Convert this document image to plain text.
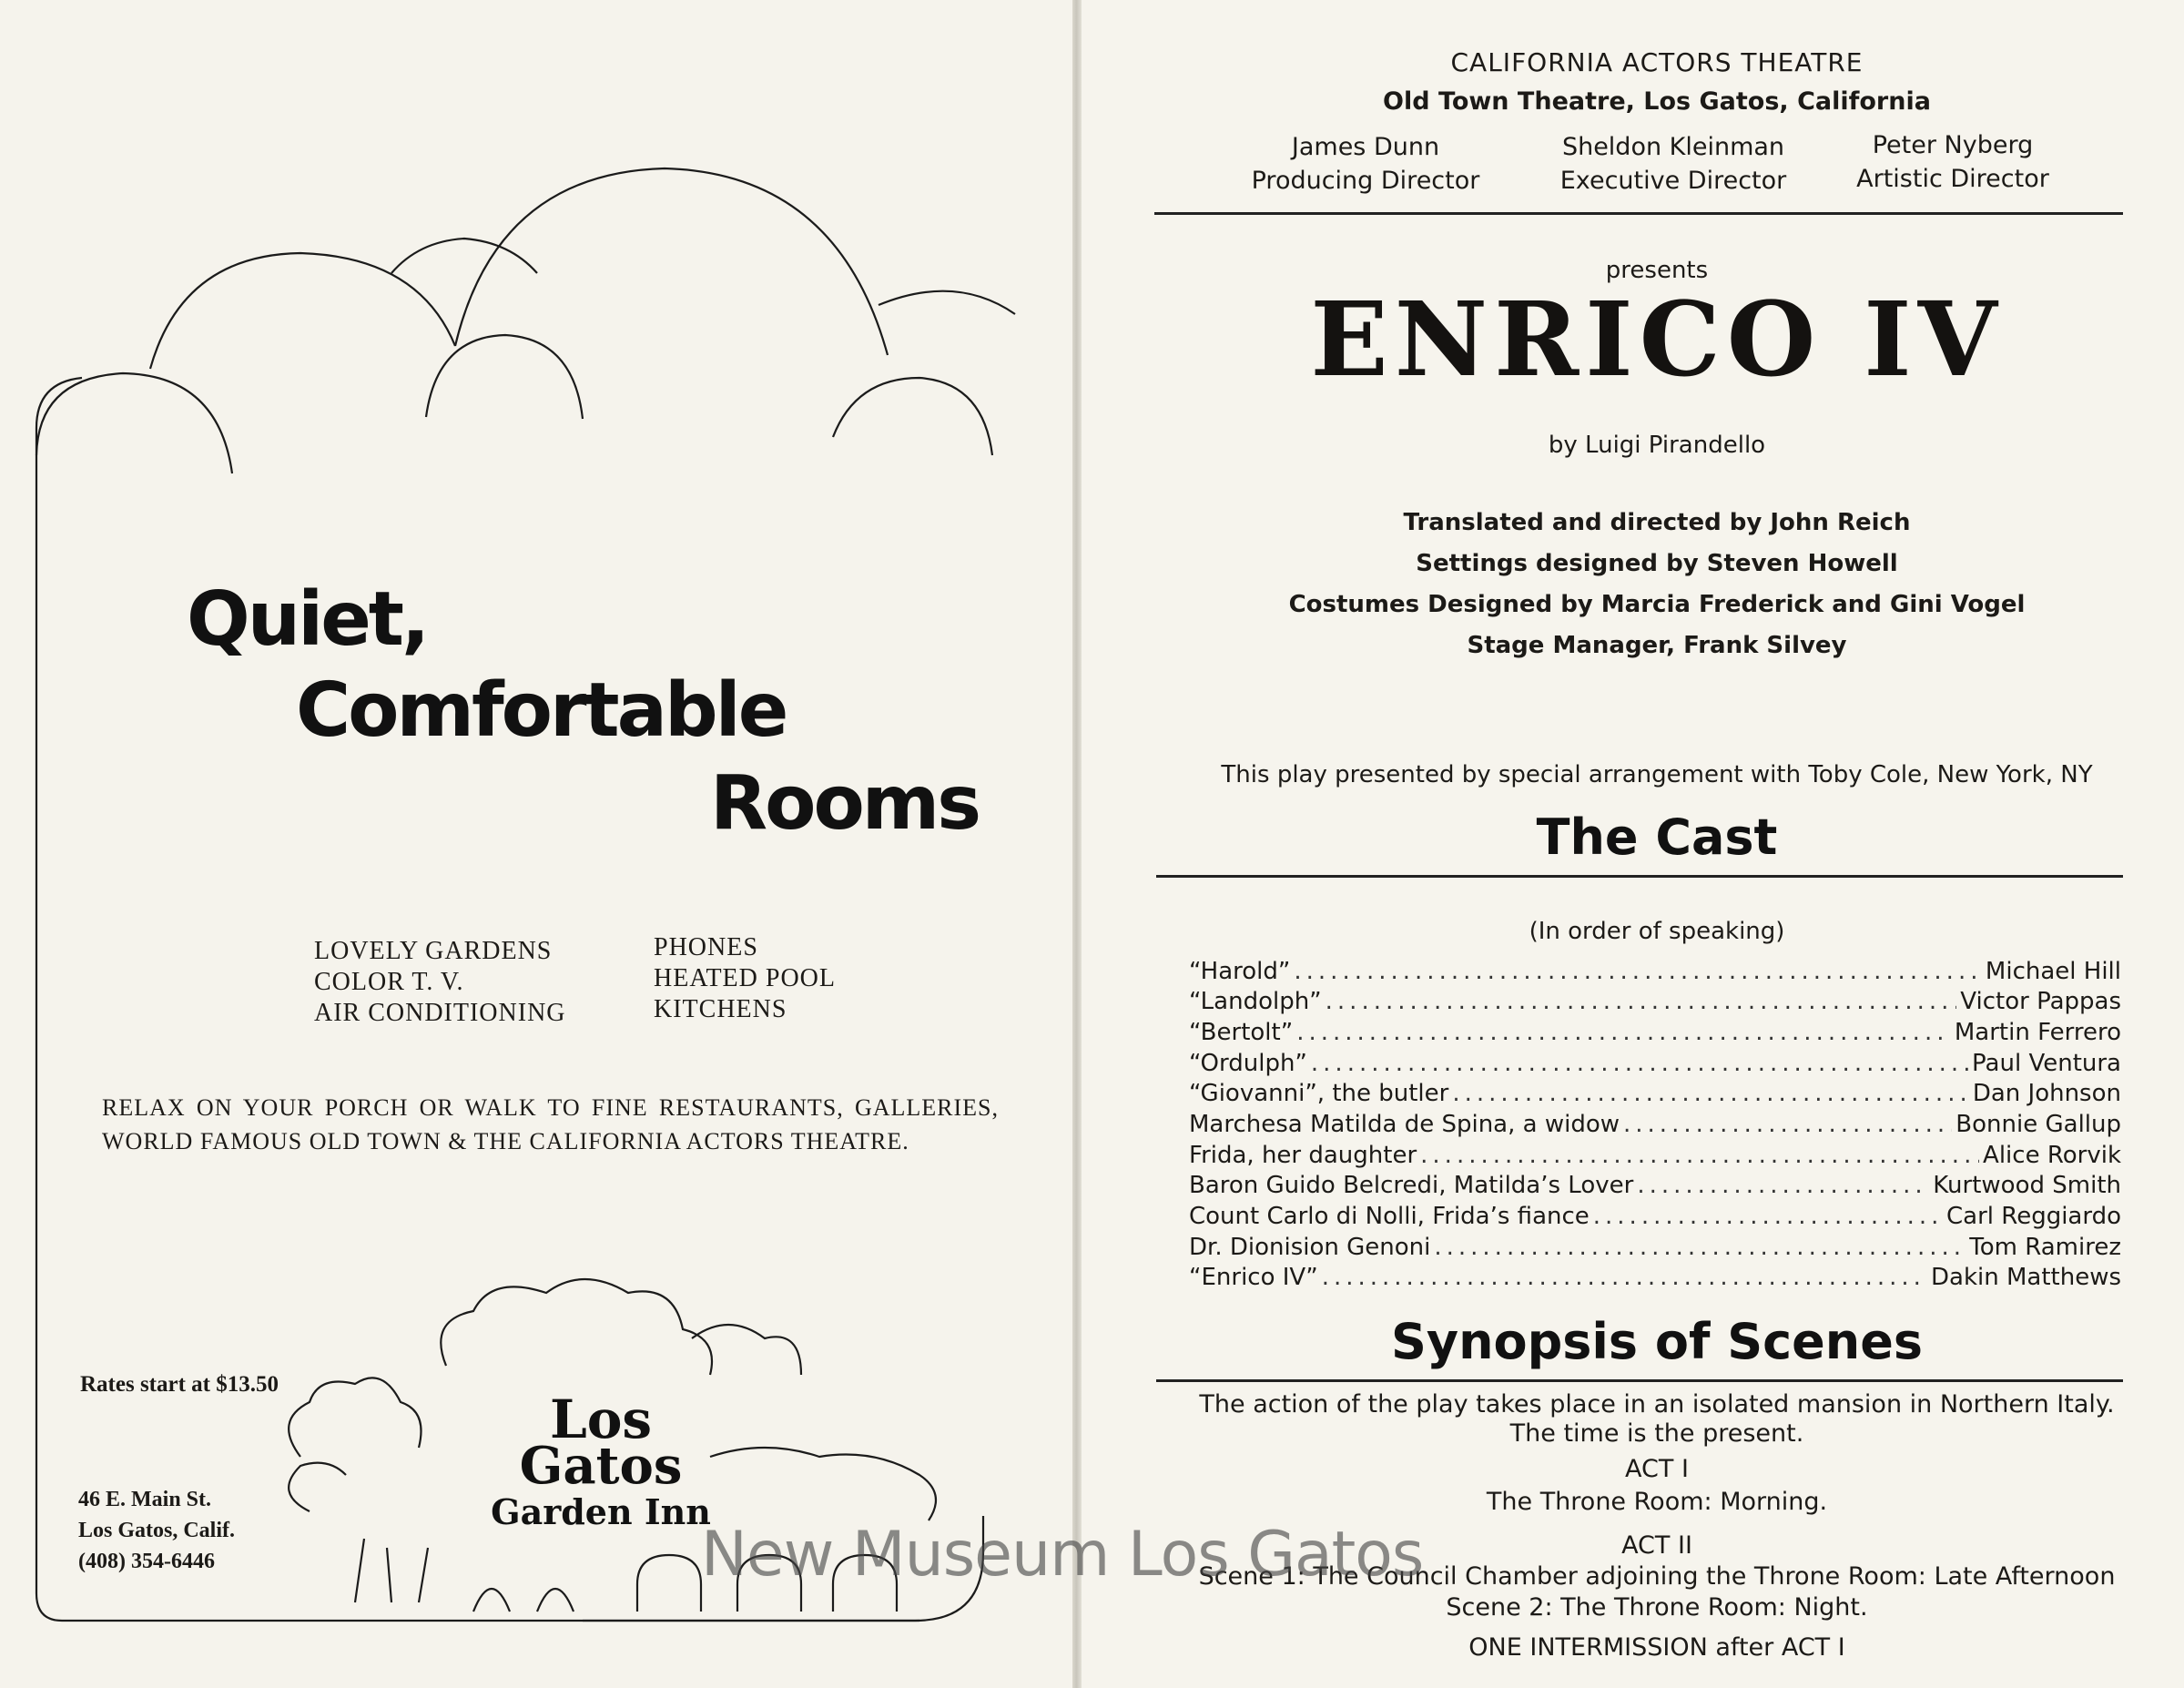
Quiet,
Comfortable
Rooms
LOVELY GARDENS
COLOR T. V.
AIR CONDITIONING
PHONES
HEATED POOL
KITCHENS
RELAX ON YOUR PORCH OR WALK TO FINE RESTAURANTS, GALLERIES, WORLD FAMOUS OLD TOWN & THE CALIFORNIA ACTORS THEATRE.
Rates start at $13.50
46 E. Main St.
Los Gatos, Calif.
(408) 354-6446
Los
Gatos
Garden Inn
CALIFORNIA ACTORS THEATRE
Old Town Theatre, Los Gatos, California
James Dunn
Producing Director
Sheldon Kleinman
Executive Director
Peter Nyberg
Artistic Director
presents
ENRICO IV
by Luigi Pirandello
Translated and directed by John Reich
Settings designed by Steven Howell
Costumes Designed by Marcia Frederick and Gini Vogel
Stage Manager, Frank Silvey
This play presented by special arrangement with Toby Cole, New York, NY
The Cast
(In order of speaking)
“Harold” .....	Michael Hill
“Landolph” .....	Victor Pappas
“Bertolt” .....	Martin Ferrero
“Ordulph” .....	Paul Ventura
“Giovanni”, the butler .....	Dan Johnson
Marchesa Matilda de Spina, a widow .....	Bonnie Gallup
Frida, her daughter .....	Alice Rorvik
Baron Guido Belcredi, Matilda’s Lover .....	Kurtwood Smith
Count Carlo di Nolli, Frida’s fiance .....	Carl Reggiardo
Dr. Dionision Genoni .....	Tom Ramirez
“Enrico IV” .....	Dakin Matthews
Synopsis of Scenes
The action of the play takes place in an isolated mansion in Northern Italy.
The time is the present.
ACT I
The Throne Room: Morning.
ACT II
Scene 1: The Council Chamber adjoining the Throne Room: Late Afternoon
Scene 2: The Throne Room: Night.
ONE INTERMISSION after ACT I
New Museum Los Gatos
